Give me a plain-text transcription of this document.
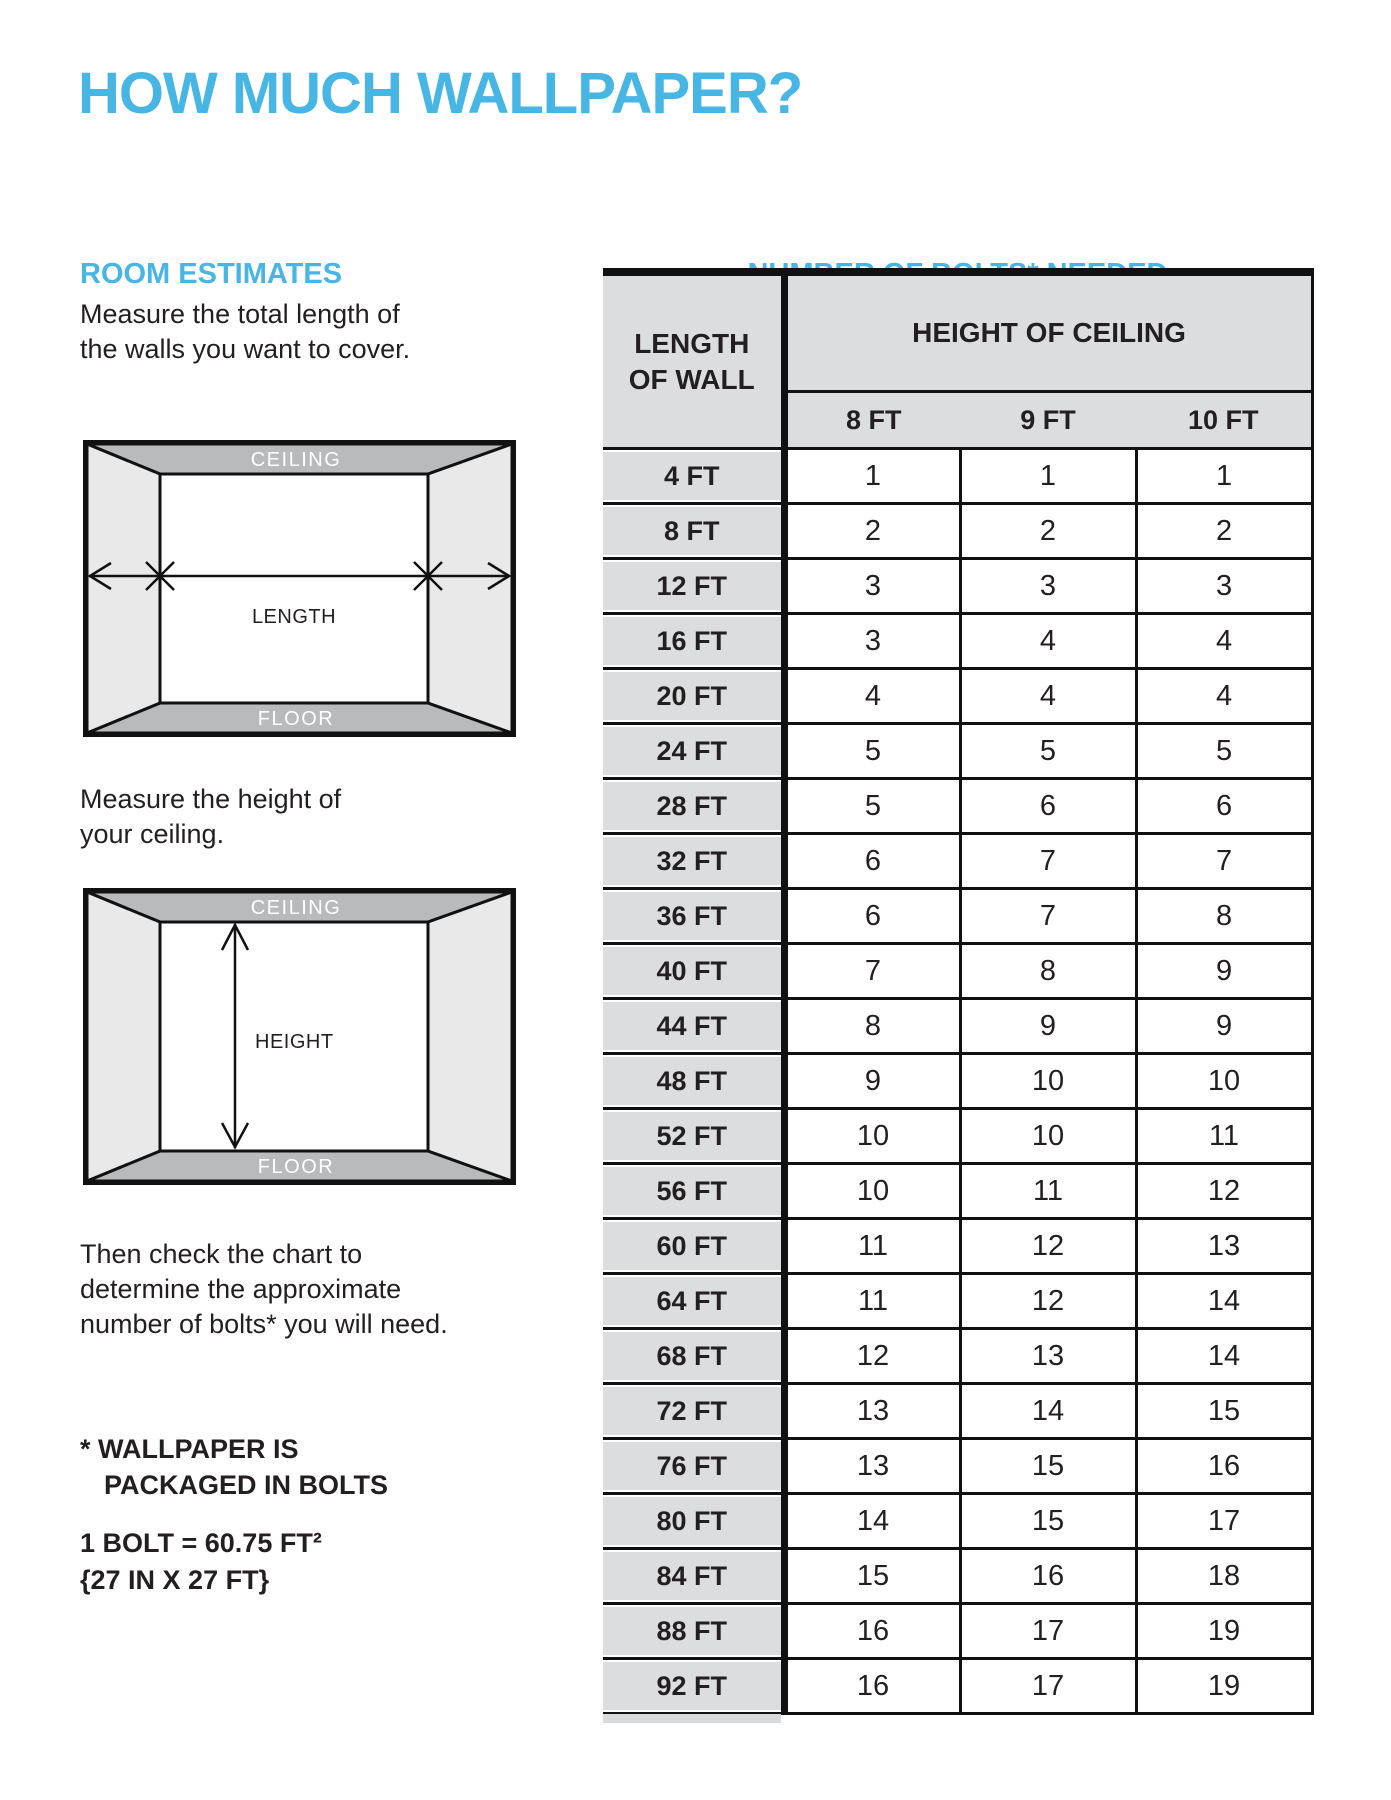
HOW MUCH WALLPAPER?
ROOM ESTIMATES
Measure the total length of
the walls you want to cover.
CEILING
FLOOR
LENGTH
Measure the height of
your ceiling.
CEILING
FLOOR
HEIGHT
Then check the chart to
determine the approximate
number of bolts* you will need.
* WALLPAPER IS
PACKAGED IN BOLTS
1 BOLT = 60.75 FT²
{27 IN X 27 FT}
LENGTH
OF WALL	HEIGHT OF CEILING		
	8 FT	9 FT	10 FT
4 FT	1	1	1
8 FT	2	2	2
12 FT	3	3	3
16 FT	3	4	4
20 FT	4	4	4
24 FT	5	5	5
28 FT	5	6	6
32 FT	6	7	7
36 FT	6	7	8
40 FT	7	8	9
44 FT	8	9	9
48 FT	9	10	10
52 FT	10	10	11
56 FT	10	11	12
60 FT	11	12	13
64 FT	11	12	14
68 FT	12	13	14
72 FT	13	14	15
76 FT	13	15	16
80 FT	14	15	17
84 FT	15	16	18
88 FT	16	17	19
92 FT	16	17	19
